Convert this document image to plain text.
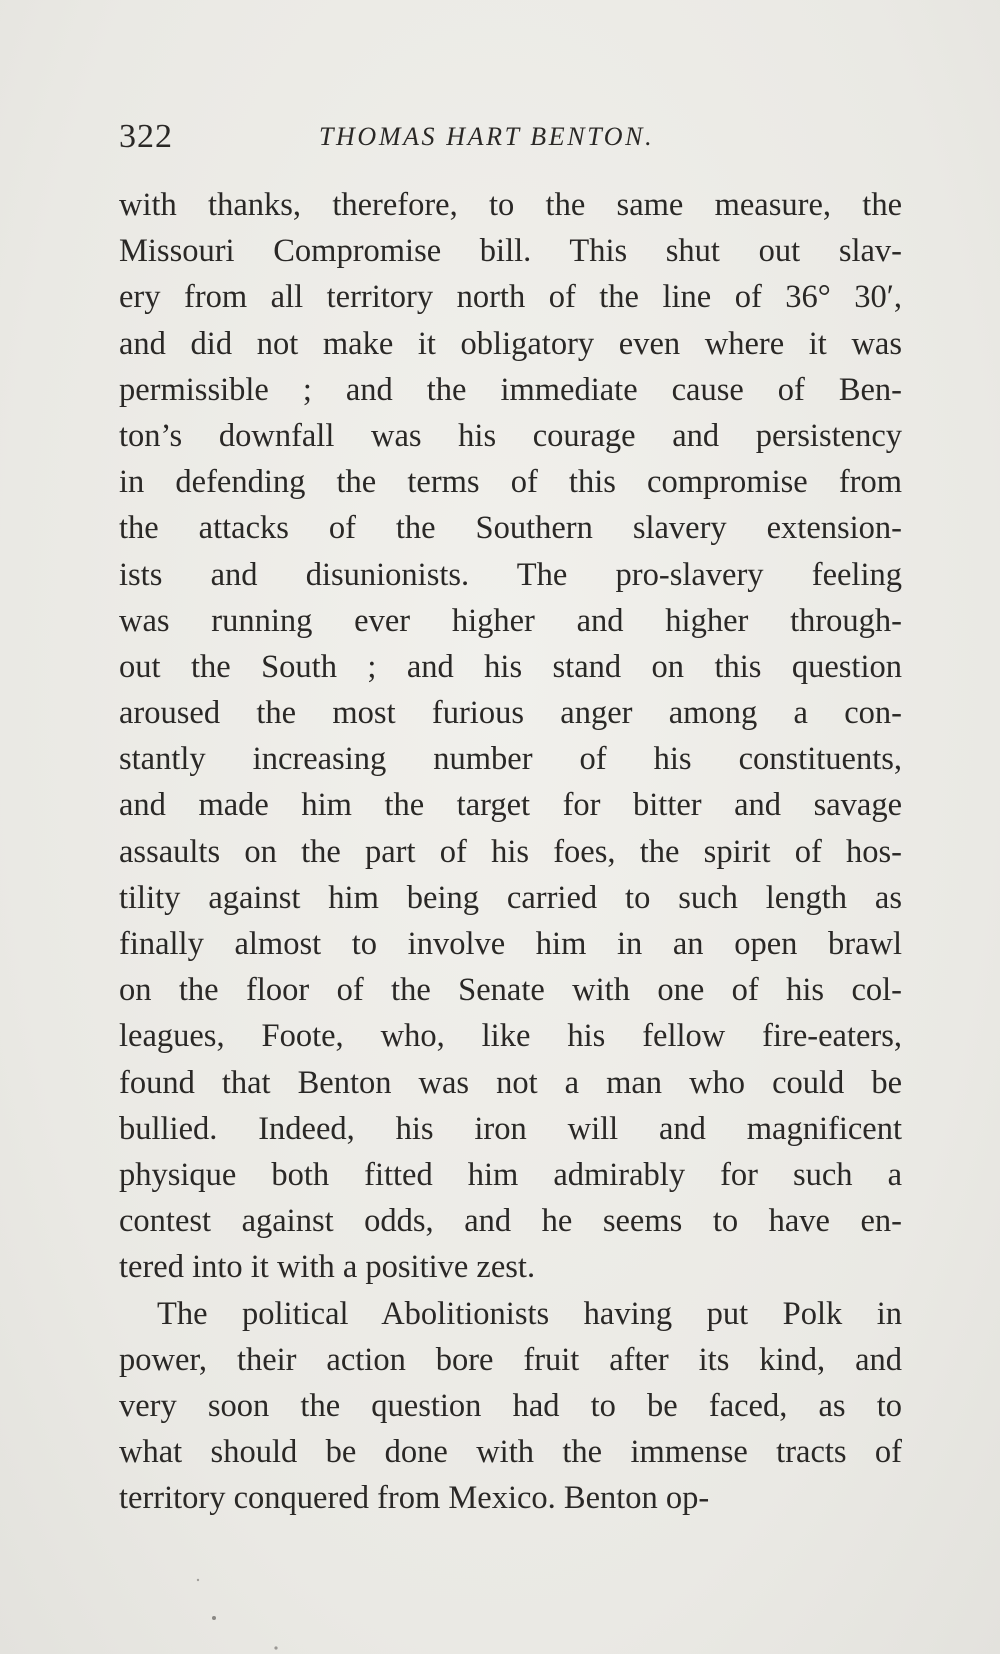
322	THOMAS HART BENTON.
with thanks, therefore, to the same measure, the
Missouri Compromise bill. This shut out slav-
ery from all territory north of the line of 36° 30′,
and did not make it obligatory even where it was
permissible ; and the immediate cause of Ben-
ton’s downfall was his courage and persistency
in defending the terms of this compromise from
the attacks of the Southern slavery extension-
ists and disunionists. The pro-slavery feeling
was running ever higher and higher through-
out the South ; and his stand on this question
aroused the most furious anger among a con-
stantly increasing number of his constituents,
and made him the target for bitter and savage
assaults on the part of his foes, the spirit of hos-
tility against him being carried to such length as
finally almost to involve him in an open brawl
on the floor of the Senate with one of his col-
leagues, Foote, who, like his fellow fire-eaters,
found that Benton was not a man who could be
bullied. Indeed, his iron will and magnificent
physique both fitted him admirably for such a
contest against odds, and he seems to have en-
tered into it with a positive zest.
The political Abolitionists having put Polk in
power, their action bore fruit after its kind, and
very soon the question had to be faced, as to
what should be done with the immense tracts of
territory conquered from Mexico. Benton op-
